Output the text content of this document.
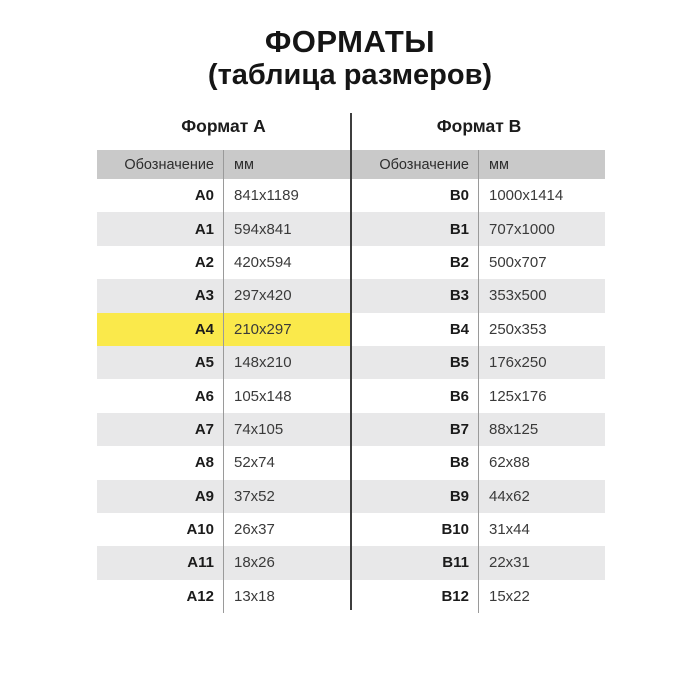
ФОРМАТЫ
(таблица размеров)
Формат А	Формат B
Обозначение	мм	Обозначение	мм
A0	841x1189	B0	1000x1414
A1	594x841	B1	707x1000
A2	420x594	B2	500x707
A3	297x420	B3	353x500
A4	210x297	B4	250x353
A5	148x210	B5	176x250
A6	105x148	B6	125x176
A7	74x105	B7	88x125
A8	52x74	B8	62x88
A9	37x52	B9	44x62
A10	26x37	B10	31x44
A11	18x26	B11	22x31
A12	13x18	B12	15x22
